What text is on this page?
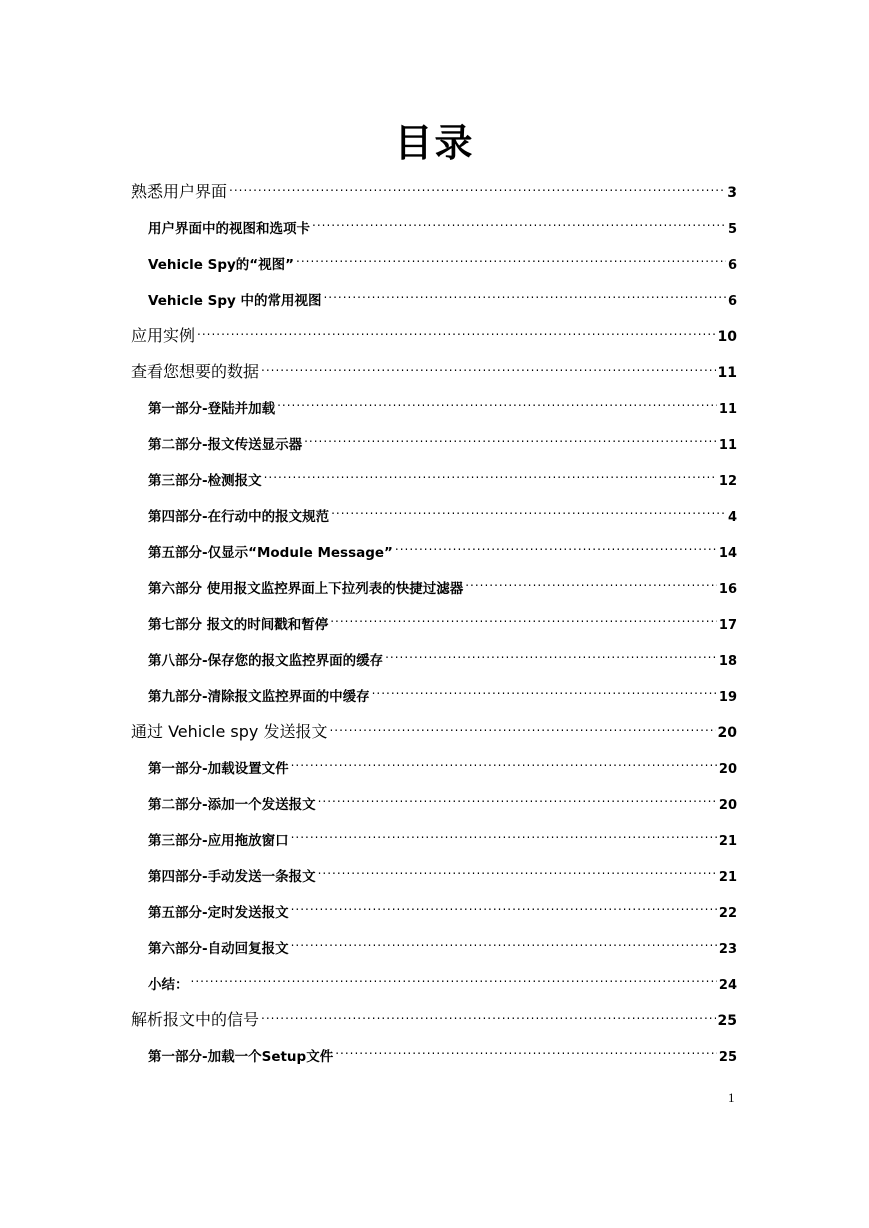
目录
熟悉用户界面 .....	3
用户界面中的视图和选项卡 .....	5
Vehicle Spy的“视图” .....	6
Vehicle Spy 中的常用视图 .....	6
应用实例 .....	10
查看您想要的数据 .....	11
第一部分-登陆并加载 .....	11
第二部分-报文传送显示器 .....	11
第三部分-检测报文 .....	12
第四部分-在行动中的报文规范 .....	4
第五部分-仅显示“Module Message” .....	14
第六部分 使用报文监控界面上下拉列表的快捷过滤器 .....	16
第七部分 报文的时间戳和暂停 .....	17
第八部分-保存您的报文监控界面的缓存 .....	18
第九部分-清除报文监控界面的中缓存 .....	19
通过 Vehicle spy 发送报文 .....	20
第一部分-加载设置文件 .....	20
第二部分-添加一个发送报文 .....	20
第三部分-应用拖放窗口 .....	21
第四部分-手动发送一条报文 .....	21
第五部分-定时发送报文 .....	22
第六部分-自动回复报文 .....	23
小结： .....	24
解析报文中的信号 .....	25
第一部分-加载一个Setup文件 .....	25
1
